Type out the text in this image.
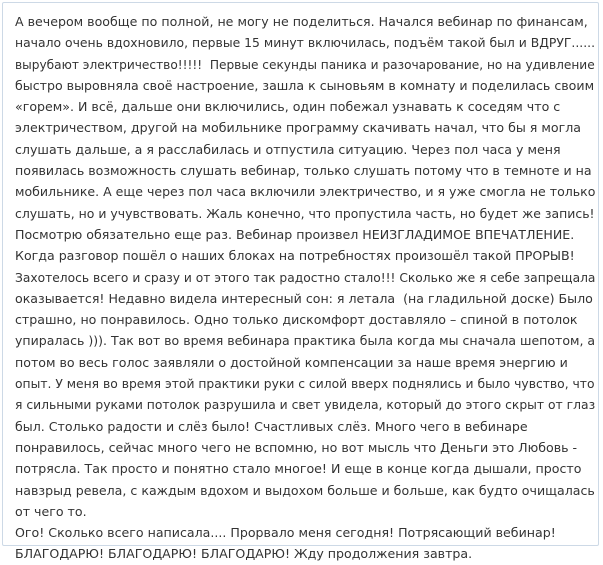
А вечером вообще по полной, не могу не поделиться. Начался вебинар по финансам,
начало очень вдохновило, первые 15 минут включилась, подъём такой был и ВДРУГ......
вырубают электричество!!!!!  Первые секунды паника и разочарование, но на удивление
быстро выровняла своё настроение, зашла к сыновьям в комнату и поделилась своим
«горем». И всё, дальше они включились, один побежал узнавать к соседям что с
электричеством, другой на мобильнике программу скачивать начал, что бы я могла
слушать дальше, а я расслабилась и отпустила ситуацию. Через пол часа у меня
появилась возможность слушать вебинар, только слушать потому что в темноте и на
мобильнике. А еще через пол часа включили электричество, и я уже смогла не только
слушать, но и учувствовать. Жаль конечно, что пропустила часть, но будет же запись!
Посмотрю обязательно еще раз. Вебинар произвел НЕИЗГЛАДИМОЕ ВПЕЧАТЛЕНИЕ.
Когда разговор пошёл о наших блоках на потребностях произошёл такой ПРОРЫВ!
Захотелось всего и сразу и от этого так радостно стало!!! Сколько же я себе запрещала
оказывается! Недавно видела интересный сон: я летала  (на гладильной доске) Было
страшно, но понравилось. Одно только дискомфорт доставляло – спиной в потолок
упиралась ))). Так вот во время вебинара практика была когда мы сначала шепотом, а
потом во весь голос заявляли о достойной компенсации за наше время энергию и
опыт. У меня во время этой практики руки с силой вверх поднялись и было чувство, что
я сильными руками потолок разрушила и свет увидела, который до этого скрыт от глаз
был. Столько радости и слёз было! Счастливых слёз. Много чего в вебинаре
понравилось, сейчас много чего не вспомню, но вот мысль что Деньги это Любовь -
потрясла. Так просто и понятно стало многое! И еще в конце когда дышали, просто
навзрыд ревела, с каждым вдохом и выдохом больше и больше, как будто очищалась
от чего то.
Ого! Сколько всего написала.... Прорвало меня сегодня! Потрясающий вебинар!
БЛАГОДАРЮ! БЛАГОДАРЮ! БЛАГОДАРЮ! Жду продолжения завтра.
